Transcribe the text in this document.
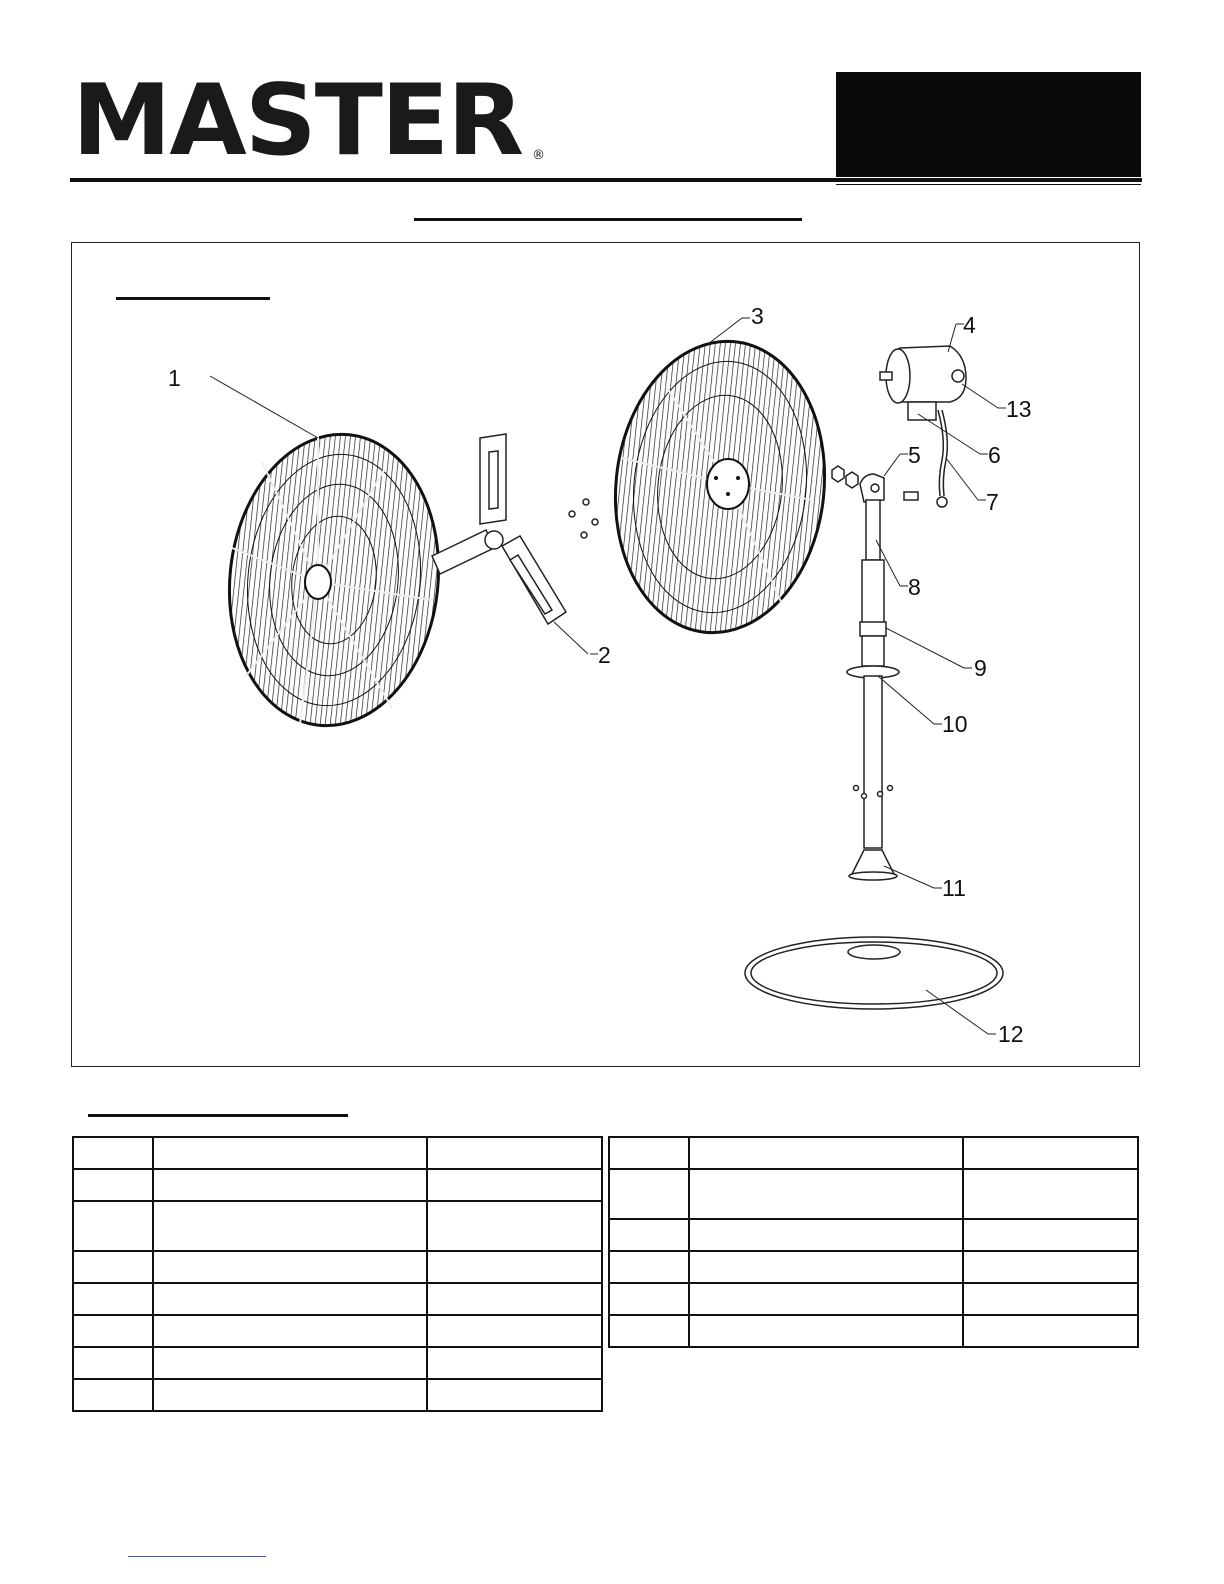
MASTER ®
1
2
3	4
5	6
7
8
9
10
11
12
13
